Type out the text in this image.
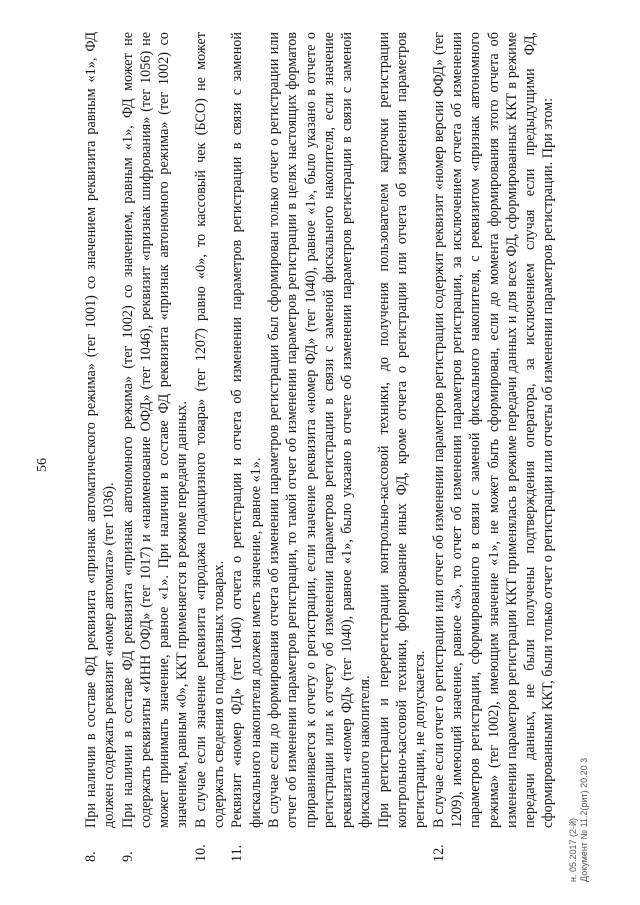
56
8.

При наличии в составе ФД реквизита «признак автоматического режима» (тег 1001) со значением реквизита равным «1», ФД должен содержать реквизит «номер автомата» (тег 1036).

9.

При наличии в составе ФД реквизита «признак автономного режима» (тег 1002) со значением, равным «1», ФД может не содержать реквизиты «ИНН ОФД» (тег 1017) и «наименование ОФД» (тег 1046), реквизит «признак шифрования» (тег 1056) не может принимать значение, равное «1». При наличии в составе ФД реквизита «признак автономного режима» (тег 1002) со значением, равным «0», ККТ применяется в режиме передачи данных.

10.

В случае если значение реквизита «продажа подакцизного товара» (тег 1207) равно «0», то кассовый чек (БСО) не может содержать сведения о подакцизных товарах.

11.

Реквизит «номер ФД» (тег 1040) отчета о регистрации и отчета об изменении параметров регистрации в связи с заменой фискального накопителя должен иметь значение, равное «1». В случае если до формирования отчета об изменении параметров регистрации был сформирован только отчет о регистрации или отчет об изменении параметров регистрации, то такой отчет об изменении параметров регистрации в целях настоящих форматов приравнивается к отчету о регистрации, если значение реквизита «номер ФД» (тег 1040), равное «1», было указано в отчете о регистрации или к отчету об изменении параметров регистрации в связи с заменой фискального накопителя, если значение реквизита «номер ФД» (тег 1040), равное «1», было указано в отчете об изменении параметров регистрации в связи с заменой фискального накопителя. При регистрации и перерегистрации контрольно-кассовой техники, до получения пользователем карточки регистрации контрольно-кассовой техники, формирование иных ФД, кроме отчета о регистрации или отчета об изменении параметров регистрации, не допускается.

12.

В случае если отчет о регистрации или отчет об изменении параметров регистрации содержит реквизит «номер версии ФФД» (тег 1209), имеющий значение, равное «3», то отчет об изменении параметров регистрации, за исключением отчета об изменении параметров регистрации, сформированного в связи с заменой фискального накопителя, с реквизитом «признак автономного режима» (тег 1002), имеющим значение «1», не может быть сформирован, если до момента формирования этого отчета об изменении параметров регистрации ККТ применялась в режиме передачи данных и для всех ФД, сформированных ККТ в режиме передачи данных, не были получены подтверждения оператора, за исключением случая если предыдущими ФД, сформированными ККТ, были только отчет о регистрации или отчеты об изменении параметров регистрации. При этом:

н. 05.2017 (2-й) Документ № 11.2(рит) 20.20 3
